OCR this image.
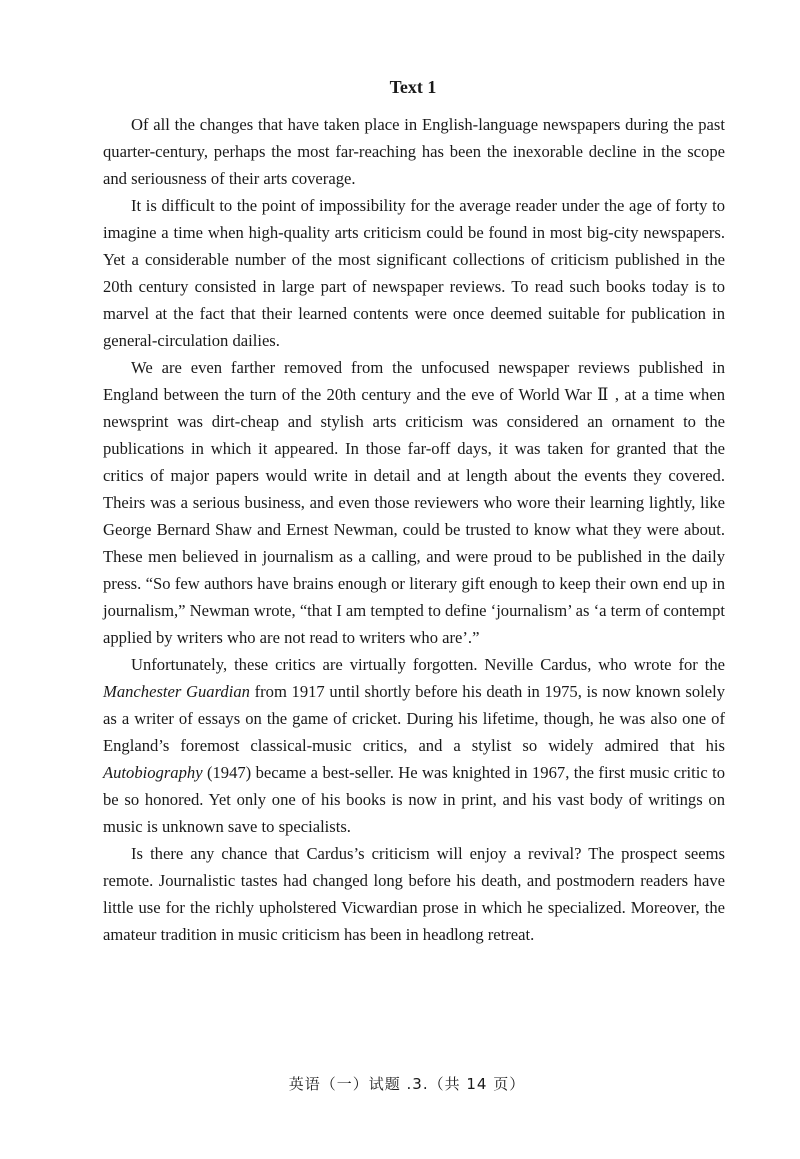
Text 1

Of all the changes that have taken place in English-language newspapers during the past quarter-century, perhaps the most far-reaching has been the inexorable decline in the scope and seriousness of their arts coverage.

It is difficult to the point of impossibility for the average reader under the age of forty to imagine a time when high-quality arts criticism could be found in most big-city newspapers. Yet a considerable number of the most significant collections of criticism published in the 20th century consisted in large part of newspaper reviews. To read such books today is to marvel at the fact that their learned contents were once deemed suitable for publication in general-circulation dailies.

We are even farther removed from the unfocused newspaper reviews published in England between the turn of the 20th century and the eve of World War Ⅱ , at a time when newsprint was dirt-cheap and stylish arts criticism was considered an ornament to the publications in which it appeared. In those far-off days, it was taken for granted that the critics of major papers would write in detail and at length about the events they covered. Theirs was a serious business, and even those reviewers who wore their learning lightly, like George Bernard Shaw and Ernest Newman, could be trusted to know what they were about. These men believed in journalism as a calling, and were proud to be published in the daily press. “So few authors have brains enough or literary gift enough to keep their own end up in journalism,” Newman wrote, “that I am tempted to define ‘journalism’ as ‘a term of contempt applied by writers who are not read to writers who are’.”

Unfortunately, these critics are virtually forgotten. Neville Cardus, who wrote for the Manchester Guardian from 1917 until shortly before his death in 1975, is now known solely as a writer of essays on the game of cricket. During his lifetime, though, he was also one of England’s foremost classical-music critics, and a stylist so widely admired that his Autobiography (1947) became a best-seller. He was knighted in 1967, the first music critic to be so honored. Yet only one of his books is now in print, and his vast body of writings on music is unknown save to specialists.

Is there any chance that Cardus’s criticism will enjoy a revival? The prospect seems remote. Journalistic tastes had changed long before his death, and postmodern readers have little use for the richly upholstered Vicwardian prose in which he specialized. Moreover, the amateur tradition in music criticism has been in headlong retreat.

英语（一）试题 .3.（共 14 页）
